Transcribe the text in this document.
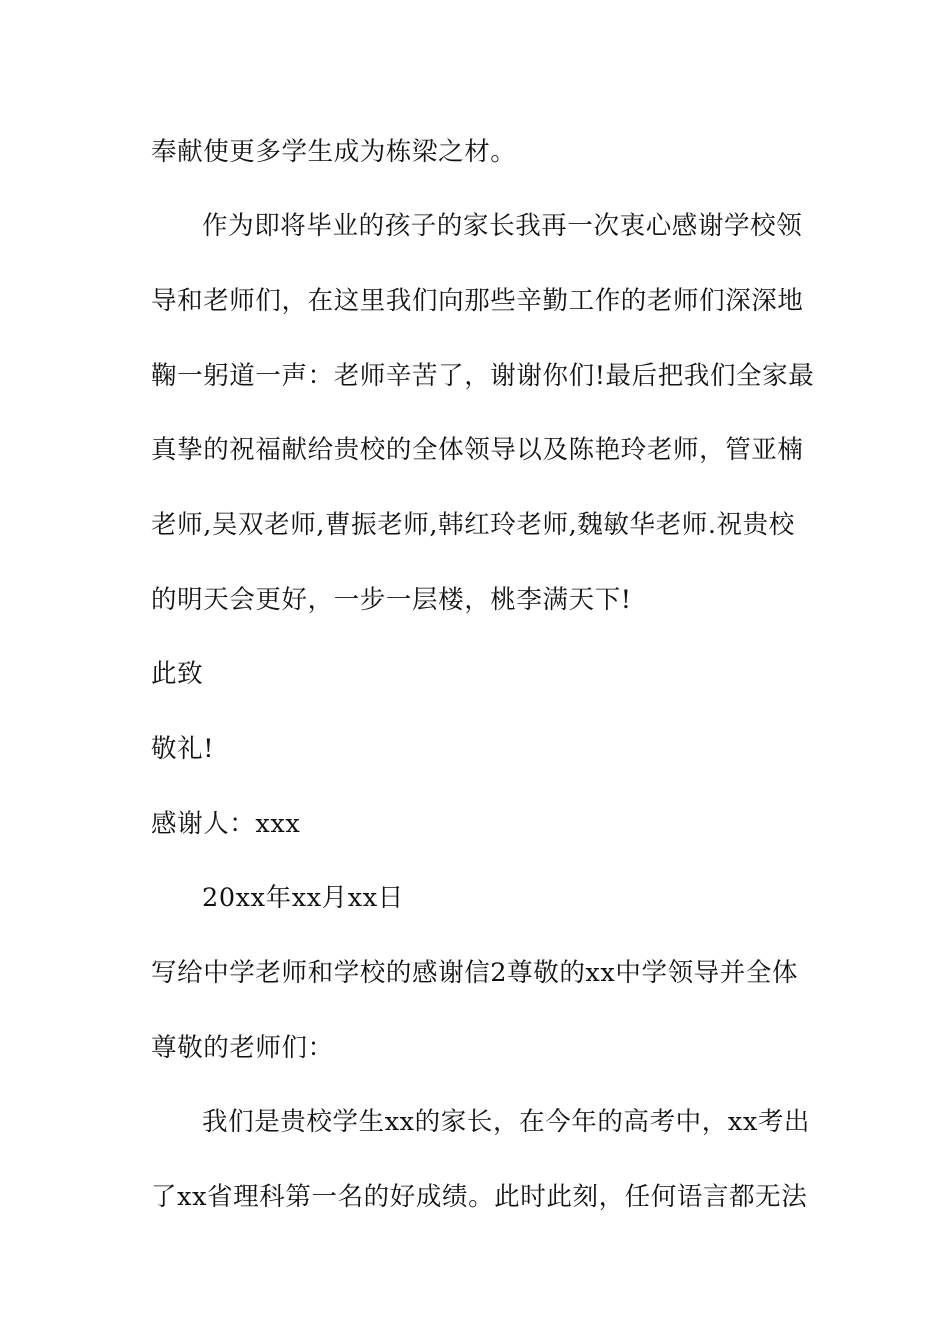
奉献使更多学生成为栋梁之材。
作为即将毕业的孩子的家长我再一次衷心感谢学校领
导和老师们，在这里我们向那些辛勤工作的老师们深深地
鞠一躬道一声：老师辛苦了，谢谢你们!最后把我们全家最
真挚的祝福献给贵校的全体领导以及陈艳玲老师，管亚楠
老师,吴双老师,曹振老师,韩红玲老师,魏敏华老师.祝贵校
的明天会更好，一步一层楼，桃李满天下!
此致
敬礼!
感谢人：xxx
20xx年xx月xx日
写给中学老师和学校的感谢信2尊敬的xx中学领导并全体
尊敬的老师们：
我们是贵校学生xx的家长，在今年的高考中，xx考出
了xx省理科第一名的好成绩。此时此刻，任何语言都无法
